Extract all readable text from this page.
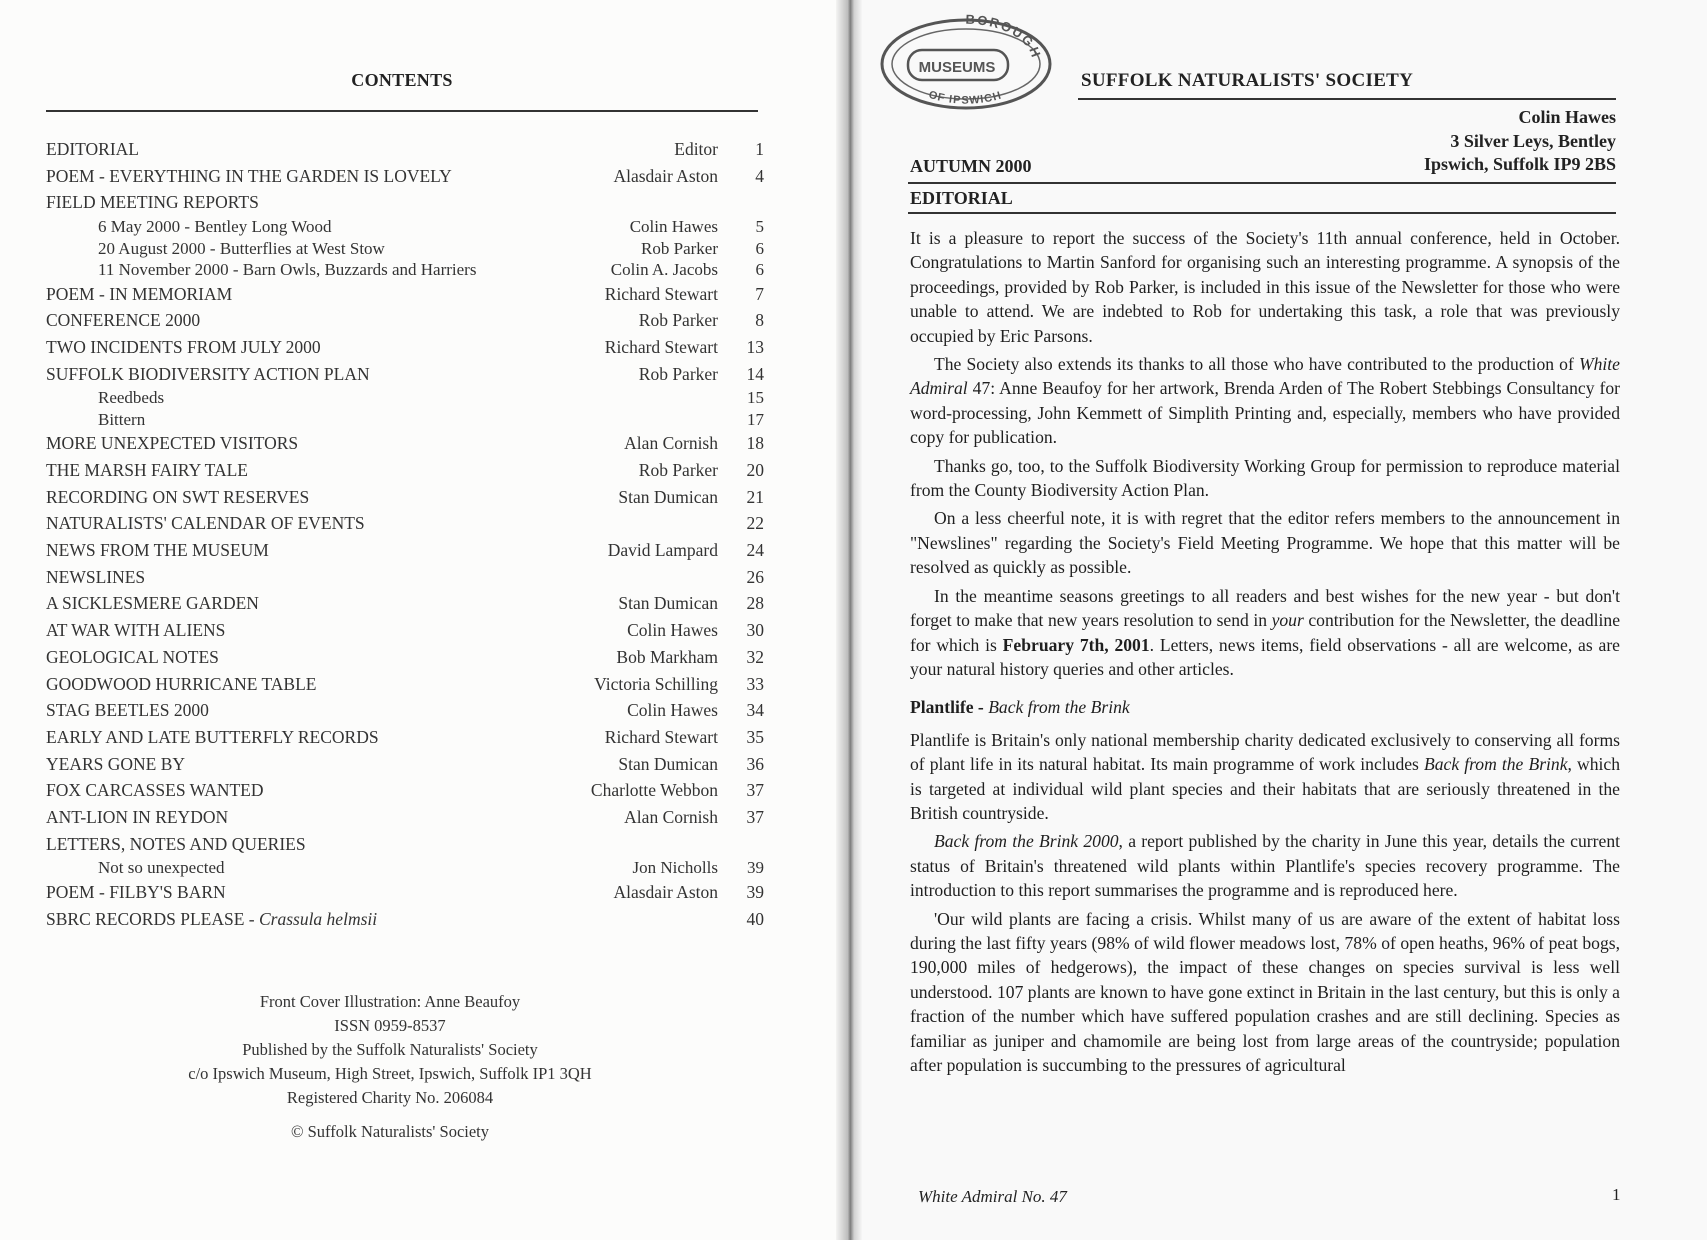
CONTENTS
EDITORIAL	Editor	1
POEM - EVERYTHING IN THE GARDEN IS LOVELY	Alasdair Aston	4
FIELD MEETING REPORTS
6 May 2000 - Bentley Long Wood	Colin Hawes	5
20 August 2000 - Butterflies at West Stow	Rob Parker	6
11 November 2000 - Barn Owls, Buzzards and Harriers	Colin A. Jacobs	6
POEM - IN MEMORIAM	Richard Stewart	7
CONFERENCE 2000	Rob Parker	8
TWO INCIDENTS FROM JULY 2000	Richard Stewart	13
SUFFOLK BIODIVERSITY ACTION PLAN	Rob Parker	14
Reedbeds	15
Bittern	17
MORE UNEXPECTED VISITORS	Alan Cornish	18
THE MARSH FAIRY TALE	Rob Parker	20
RECORDING ON SWT RESERVES	Stan Dumican	21
NATURALISTS' CALENDAR OF EVENTS	22
NEWS FROM THE MUSEUM	David Lampard	24
NEWSLINES	26
A SICKLESMERE GARDEN	Stan Dumican	28
AT WAR WITH ALIENS	Colin Hawes	30
GEOLOGICAL NOTES	Bob Markham	32
GOODWOOD HURRICANE TABLE	Victoria Schilling	33
STAG BEETLES 2000	Colin Hawes	34
EARLY AND LATE BUTTERFLY RECORDS	Richard Stewart	35
YEARS GONE BY	Stan Dumican	36
FOX CARCASSES WANTED	Charlotte Webbon	37
ANT-LION IN REYDON	Alan Cornish	37
LETTERS, NOTES AND QUERIES
Not so unexpected	Jon Nicholls	39
POEM - FILBY'S BARN	Alasdair Aston	39
SBRC RECORDS PLEASE - Crassula helmsii	40
Front Cover Illustration: Anne Beaufoy
ISSN 0959-8537
Published by the Suffolk Naturalists' Society
c/o Ipswich Museum, High Street, Ipswich, Suffolk IP1 3QH
Registered Charity No. 206084
© Suffolk Naturalists' Society
BOROUGH
MUSEUMS
OF IPSWICH
SUFFOLK NATURALISTS' SOCIETY
Colin Hawes
3 Silver Leys, Bentley
Ipswich, Suffolk IP9 2BS
AUTUMN 2000
EDITORIAL

It is a pleasure to report the success of the Society's 11th annual conference, held in October. Congratulations to Martin Sanford for organising such an interesting programme. A synopsis of the proceedings, provided by Rob Parker, is included in this issue of the Newsletter for those who were unable to attend. We are indebted to Rob for undertaking this task, a role that was previously occupied by Eric Parsons.

The Society also extends its thanks to all those who have contributed to the production of White Admiral 47: Anne Beaufoy for her artwork, Brenda Arden of The Robert Stebbings Consultancy for word-processing, John Kemmett of Simplith Printing and, especially, members who have provided copy for publication.

Thanks go, too, to the Suffolk Biodiversity Working Group for permission to reproduce material from the County Biodiversity Action Plan.

On a less cheerful note, it is with regret that the editor refers members to the announcement in "Newslines" regarding the Society's Field Meeting Programme. We hope that this matter will be resolved as quickly as possible.

In the meantime seasons greetings to all readers and best wishes for the new year - but don't forget to make that new years resolution to send in your contribution for the Newsletter, the deadline for which is February 7th, 2001. Letters, news items, field observations - all are welcome, as are your natural history queries and other articles.

Plantlife - Back from the Brink

Plantlife is Britain's only national membership charity dedicated exclusively to conserving all forms of plant life in its natural habitat. Its main programme of work includes Back from the Brink, which is targeted at individual wild plant species and their habitats that are seriously threatened in the British countryside.

Back from the Brink 2000, a report published by the charity in June this year, details the current status of Britain's threatened wild plants within Plantlife's species recovery programme. The introduction to this report summarises the programme and is reproduced here.

'Our wild plants are facing a crisis. Whilst many of us are aware of the extent of habitat loss during the last fifty years (98% of wild flower meadows lost, 78% of open heaths, 96% of peat bogs, 190,000 miles of hedgerows), the impact of these changes on species survival is less well understood. 107 plants are known to have gone extinct in Britain in the last century, but this is only a fraction of the number which have suffered population crashes and are still declining. Species as familiar as juniper and chamomile are being lost from large areas of the countryside; population after population is succumbing to the pressures of agricultural

White Admiral No. 47	1
